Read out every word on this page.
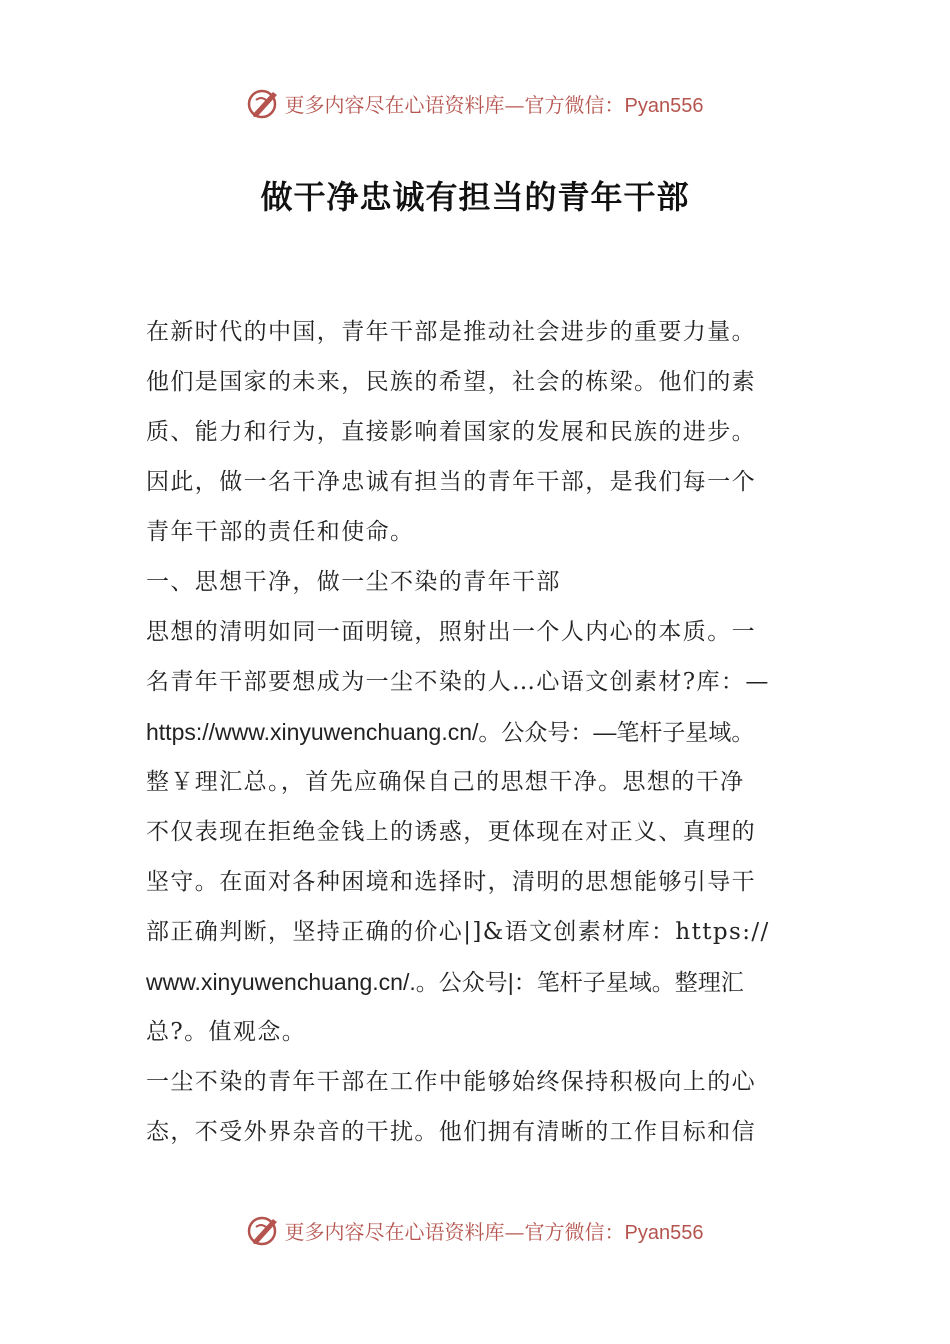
更多内容尽在心语资料库—官方微信：Pyan556
做干净忠诚有担当的青年干部
在新时代的中国，青年干部是推动社会进步的重要力量。
他们是国家的未来，民族的希望，社会的栋梁。他们的素
质、能力和行为，直接影响着国家的发展和民族的进步。
因此，做一名干净忠诚有担当的青年干部，是我们每一个
青年干部的责任和使命。
一、思想干净，做一尘不染的青年干部
思想的清明如同一面明镜，照射出一个人内心的本质。一
名青年干部要想成为一尘不染的人…心语文创素材?库：—
https://www.xinyuwenchuang.cn/。公众号：—笔杆子星域。
整￥理汇总。，首先应确保自己的思想干净。思想的干净
不仅表现在拒绝金钱上的诱惑，更体现在对正义、真理的
坚守。在面对各种困境和选择时，清明的思想能够引导干
部正确判断，坚持正确的价心|]&语文创素材库：https://
www.xinyuwenchuang.cn/.。公众号|：笔杆子星域。整理汇
总?。值观念。
一尘不染的青年干部在工作中能够始终保持积极向上的心
态，不受外界杂音的干扰。他们拥有清晰的工作目标和信
更多内容尽在心语资料库—官方微信：Pyan556
